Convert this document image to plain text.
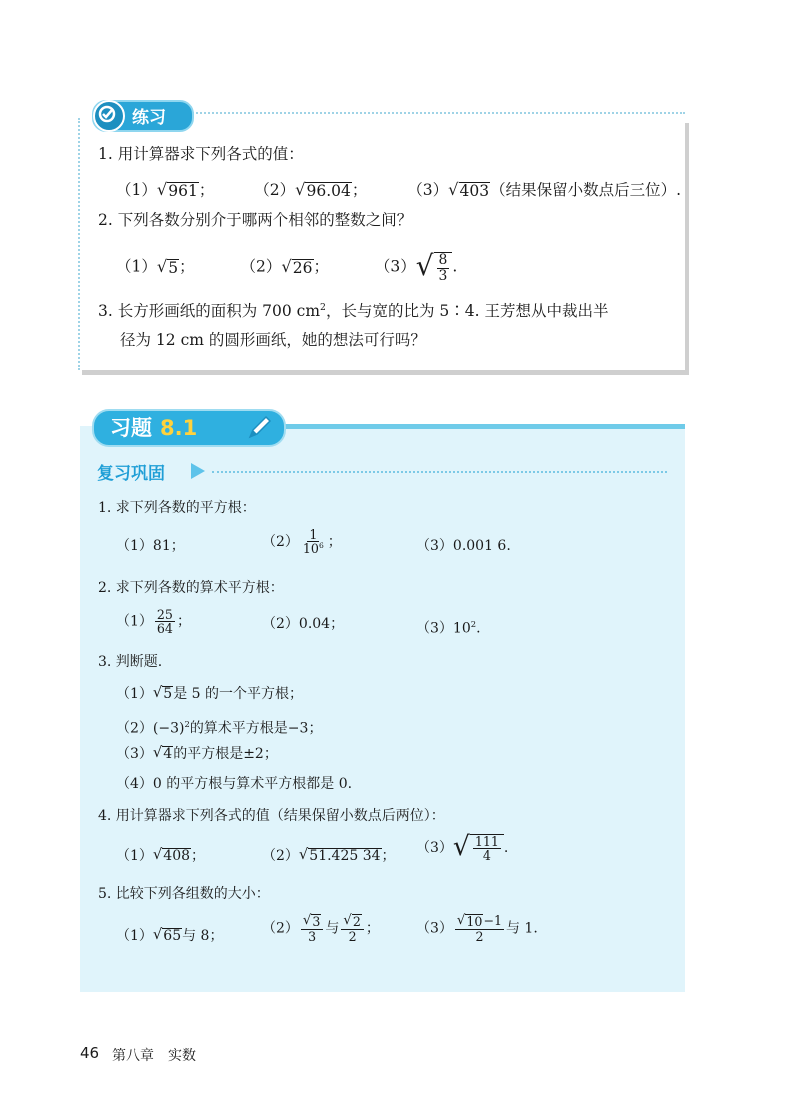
练习
1. 用计算器求下列各式的值：
（1） √ 961 ；	（2） √ 96.04 ；	（3） √ 403 （结果保留小数点后三位）.
2. 下列各数分别介于哪两个相邻的整数之间？
（1） √ 5 ；	（2） √ 26 ；	（3） √ $\frac{8}{3}$ .
3. 长方形画纸的面积为 700 $cm^2$，长与宽的比为 5∶4. 王芳想从中裁出半
径为 12 cm 的圆形画纸，她的想法可行吗？
习题 8.1
复习巩固
1. 求下列各数的平方根：
（1）81；	$(2) \frac{1}{10^6}$ ；	（3）0.001 6.
2. 求下列各数的算术平方根：
$(1) \frac{25}{64}$ ；	（2）0.04；	$(3)10^2$.
3. 判断题.
（1） √ 5 是 5 的一个平方根；
$(2)(-3)^2$的算术平方根是−3；
（3） √ 4 的平方根是±2；
（4）0 的平方根与算术平方根都是 0.
4. 用计算器求下列各式的值（结果保留小数点后两位）：
（1） √ 408 ；	（2） √ 51.425 34 ； （3） √ $\frac{111}{4}$ .
5. 比较下列各组数的大小：
（1） √ 65 与 8；	$(2) \frac{√ 3}{3}$ 与 $\frac{√ 2}{2}$ ；	$(3) \frac{√ 10 -1}{2}$ 与 1.
46 第八章　实数
